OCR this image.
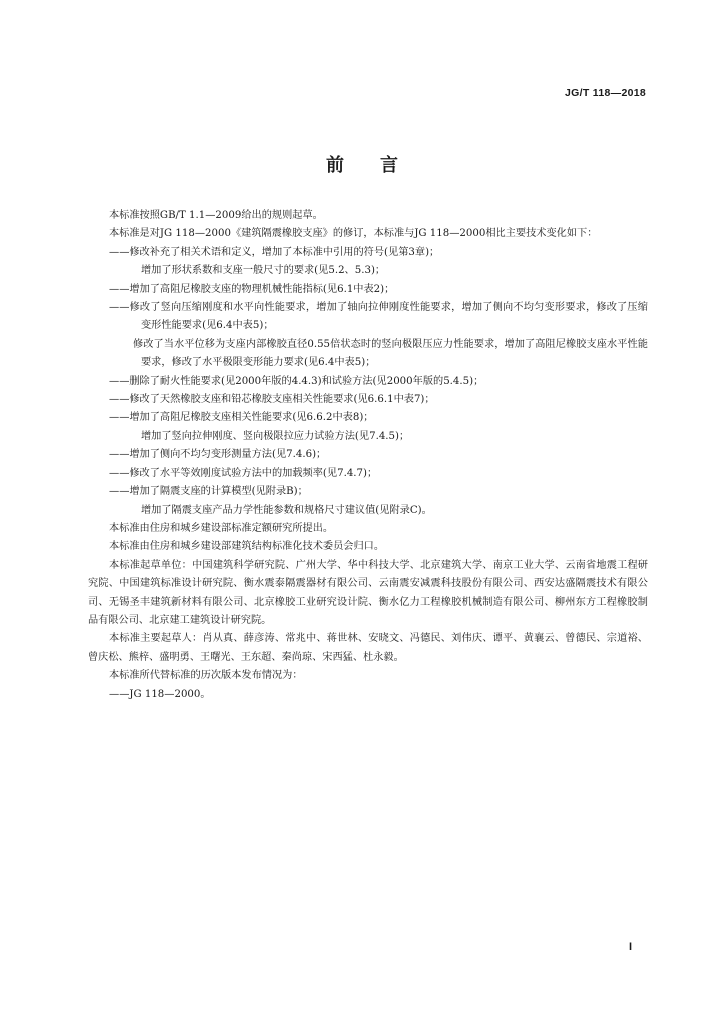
JG/T 118—2018
前言

本标准按照GB/T 1.1—2009给出的规则起草。

本标准是对JG 118—2000《建筑隔震橡胶支座》的修订，本标准与JG 118—2000相比主要技术变化如下：

——修改补充了相关术语和定义，增加了本标准中引用的符号(见第3章)；

增加了形状系数和支座一般尺寸的要求(见5.2、5.3)；

——增加了高阻尼橡胶支座的物理机械性能指标(见6.1中表2)；

——修改了竖向压缩刚度和水平向性能要求，增加了轴向拉伸刚度性能要求，增加了侧向不均匀变形要求，修改了压缩变形性能要求(见6.4中表5)；

修改了当水平位移为支座内部橡胶直径0.55倍状态时的竖向极限压应力性能要求，增加了高阻尼橡胶支座水平性能要求，修改了水平极限变形能力要求(见6.4中表5)；

——删除了耐火性能要求(见2000年版的4.4.3)和试验方法(见2000年版的5.4.5)；

——修改了天然橡胶支座和铅芯橡胶支座相关性能要求(见6.6.1中表7)；

——增加了高阻尼橡胶支座相关性能要求(见6.6.2中表8)；

增加了竖向拉伸刚度、竖向极限拉应力试验方法(见7.4.5)；

——增加了侧向不均匀变形测量方法(见7.4.6)；

——修改了水平等效刚度试验方法中的加载频率(见7.4.7)；

——增加了隔震支座的计算模型(见附录B)；

增加了隔震支座产品力学性能参数和规格尺寸建议值(见附录C)。

本标准由住房和城乡建设部标准定额研究所提出。

本标准由住房和城乡建设部建筑结构标准化技术委员会归口。

本标准起草单位：中国建筑科学研究院、广州大学、华中科技大学、北京建筑大学、南京工业大学、云南省地震工程研究院、中国建筑标准设计研究院、衡水震泰隔震器材有限公司、云南震安减震科技股份有限公司、西安达盛隔震技术有限公司、无锡圣丰建筑新材料有限公司、北京橡胶工业研究设计院、衡水亿力工程橡胶机械制造有限公司、柳州东方工程橡胶制品有限公司、北京建工建筑设计研究院。

本标准主要起草人：肖从真、薛彦涛、常兆中、蒋世林、安晓文、冯德民、刘伟庆、谭平、黄襄云、曾德民、宗道裕、曾庆松、熊梓、盛明勇、王曙光、王东超、秦尚琼、宋西猛、杜永毅。

本标准所代替标准的历次版本发布情况为：

——JG 118—2000。

I
